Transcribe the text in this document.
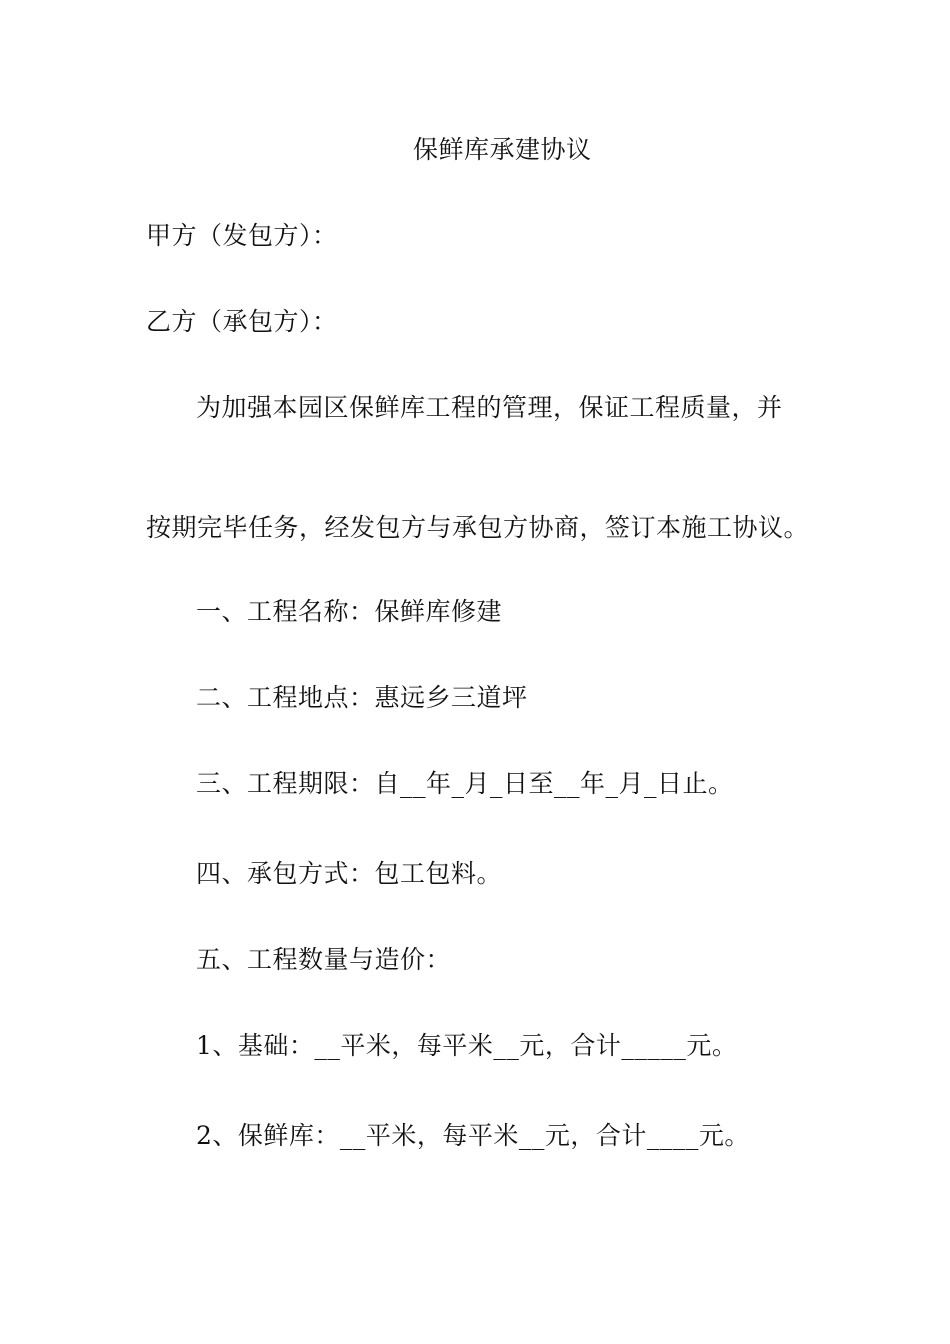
保鲜库承建协议
甲方（发包方）：
乙方（承包方）：
为加强本园区保鲜库工程的管理，保证工程质量，并
按期完毕任务，经发包方与承包方协商，签订本施工协议。
一、工程名称：保鲜库修建
二、工程地点：惠远乡三道坪
三、工程期限：自__年_月_日至__年_月_日止。
四、承包方式：包工包料。
五、工程数量与造价：
1、基础：__平米，每平米__元，合计_____元。
2、保鲜库：__平米，每平米__元，合计____元。
